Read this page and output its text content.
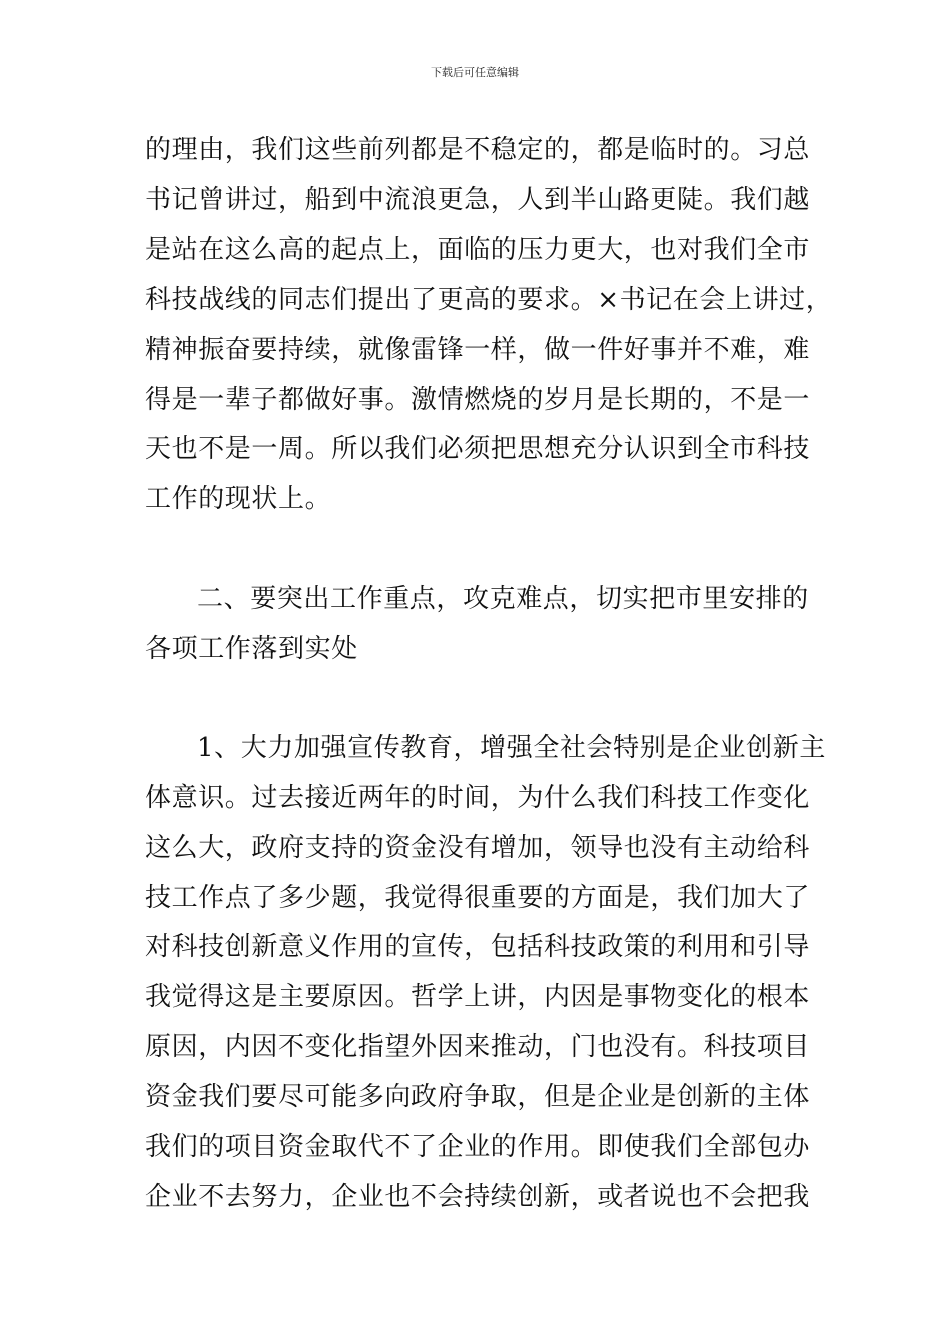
下载后可任意编辑
的理由，我们这些前列都是不稳定的，都是临时的。习总
书记曾讲过，船到中流浪更急，人到半山路更陡。我们越
是站在这么高的起点上，面临的压力更大，也对我们全市
科技战线的同志们提出了更高的要求。×书记在会上讲过，
精神振奋要持续，就像雷锋一样，做一件好事并不难，难
得是一辈子都做好事。激情燃烧的岁月是长期的，不是一
天也不是一周。所以我们必须把思想充分认识到全市科技
工作的现状上。
二、要突出工作重点，攻克难点，切实把市里安排的
各项工作落到实处
1、大力加强宣传教育，增强全社会特别是企业创新主
体意识。过去接近两年的时间，为什么我们科技工作变化
这么大，政府支持的资金没有增加，领导也没有主动给科
技工作点了多少题，我觉得很重要的方面是，我们加大了
对科技创新意义作用的宣传，包括科技政策的利用和引导
我觉得这是主要原因。哲学上讲，内因是事物变化的根本
原因，内因不变化指望外因来推动，门也没有。科技项目
资金我们要尽可能多向政府争取，但是企业是创新的主体
我们的项目资金取代不了企业的作用。即使我们全部包办
企业不去努力，企业也不会持续创新，或者说也不会把我
